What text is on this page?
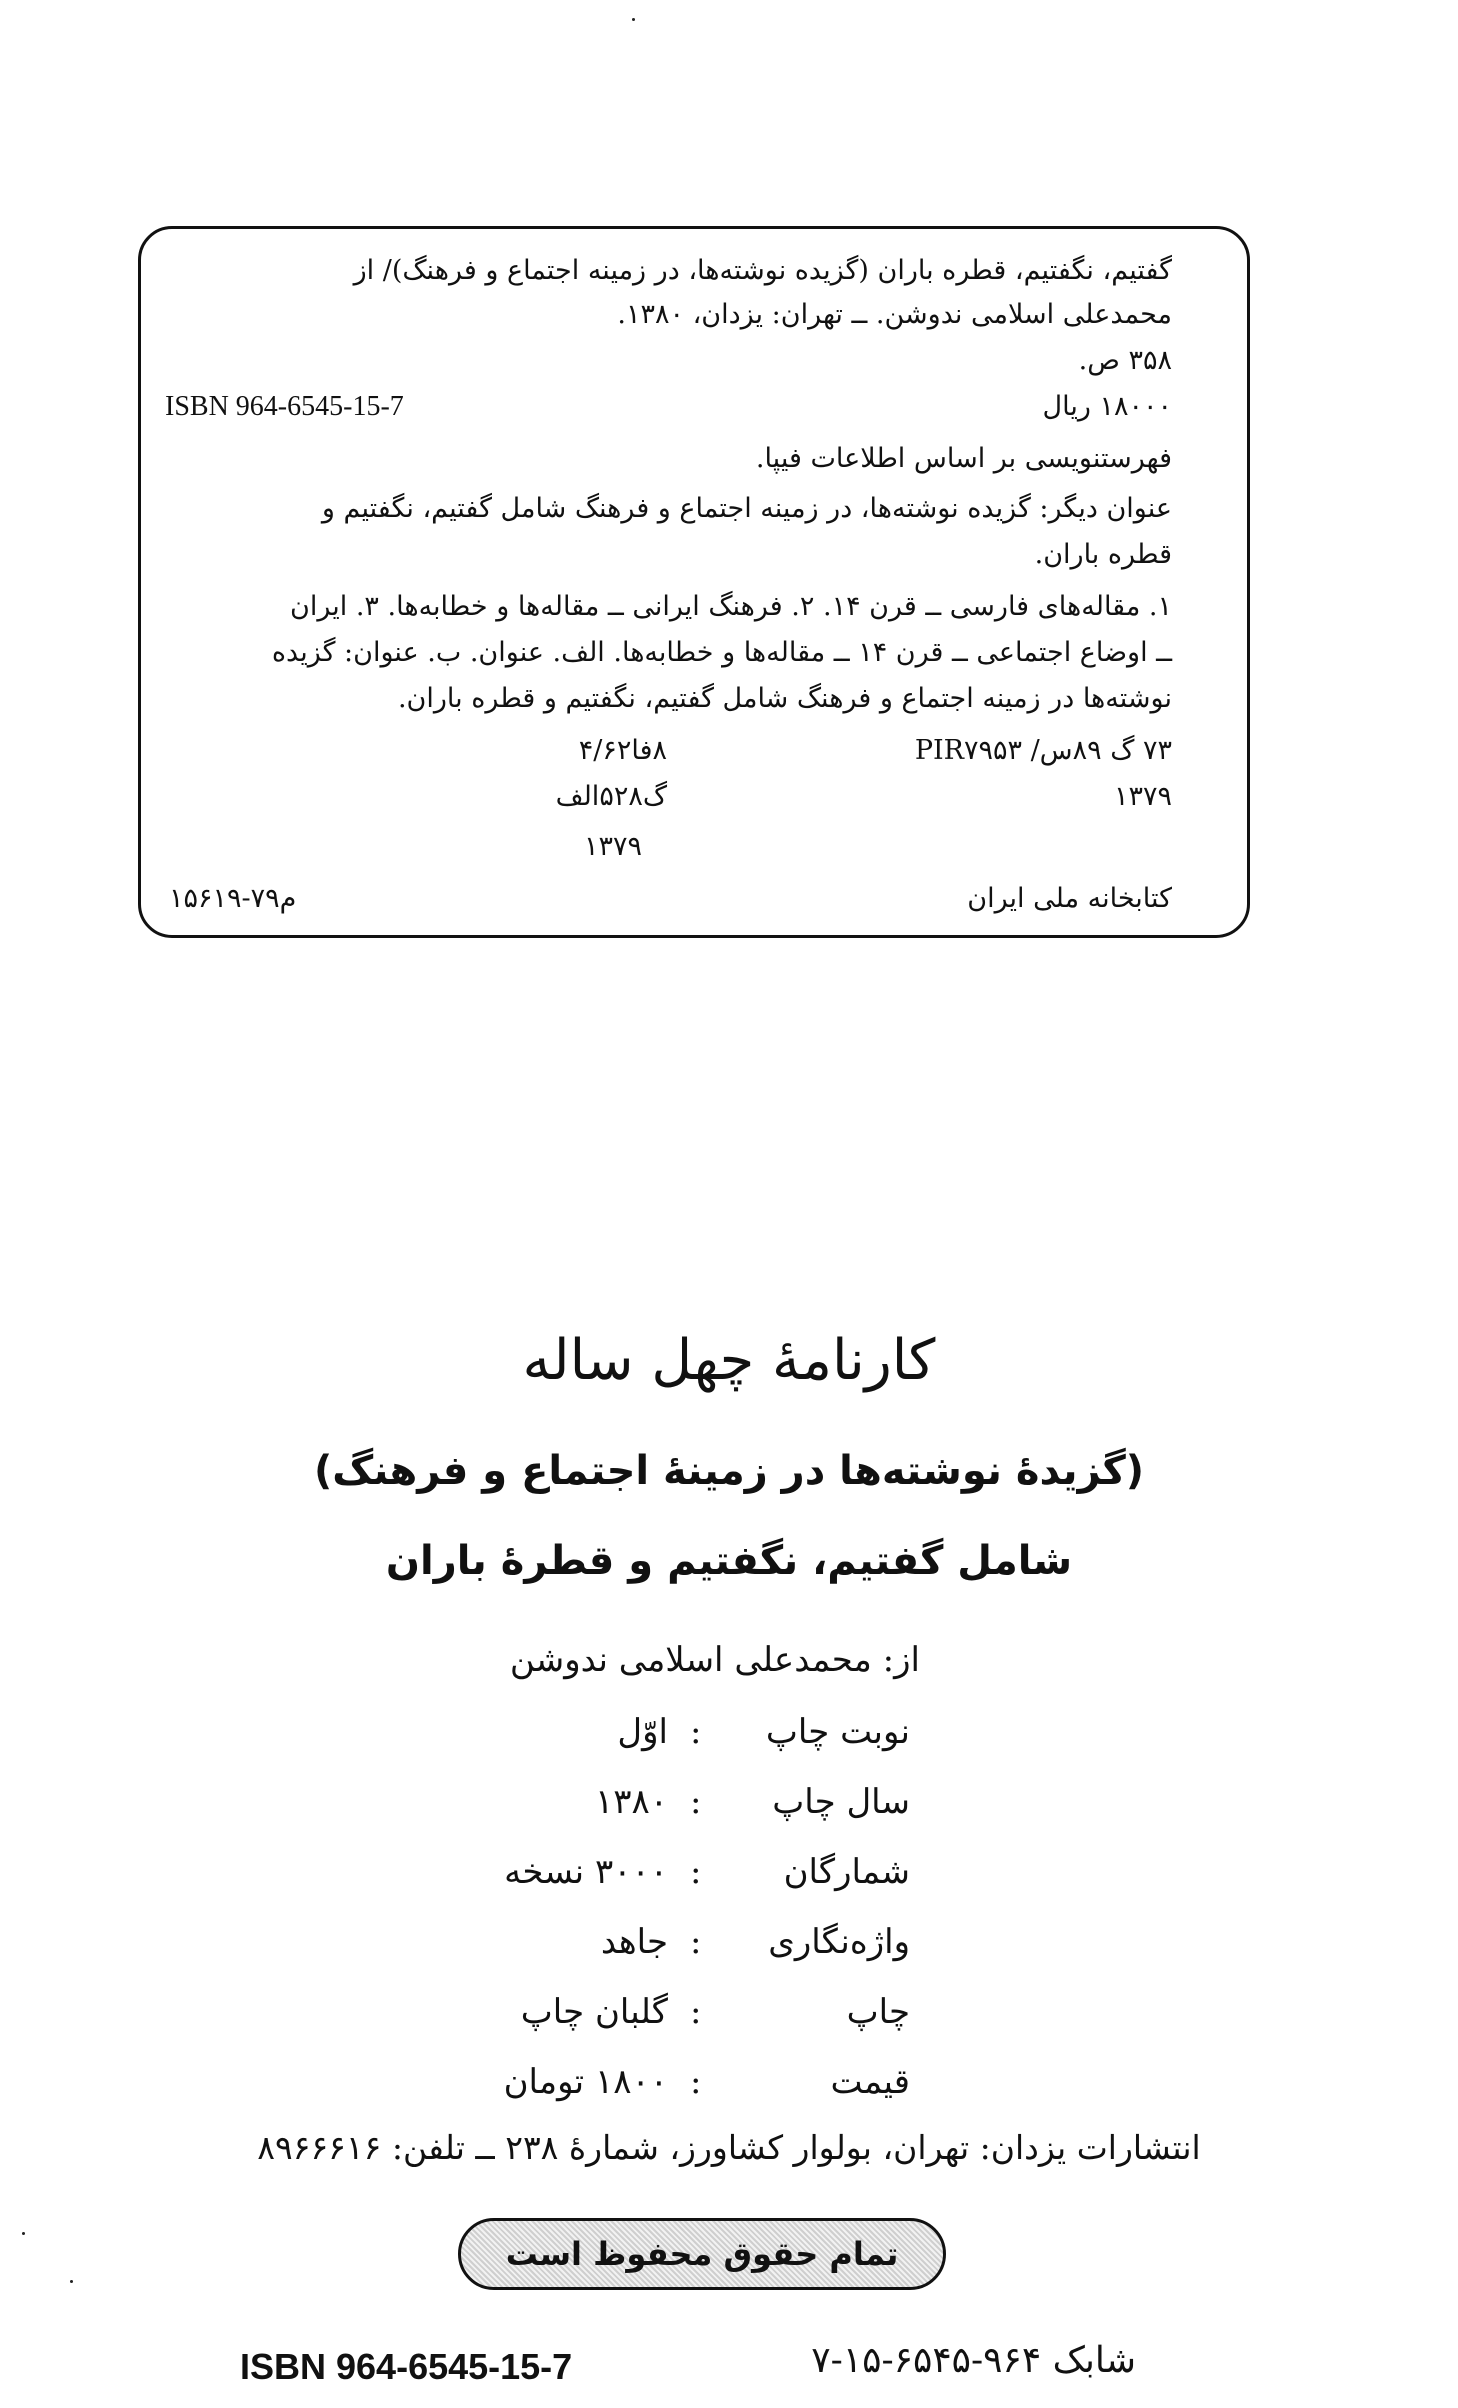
گفتیم، نگفتیم، قطره باران (گزیده نوشته‌ها، در زمینه اجتماع و فرهنگ)/ از
محمدعلی اسلامی ندوشن. ــ تهران: یزدان، ۱۳۸۰.
۳۵۸ ص.
۱۸۰۰۰ ریال
ISBN 964-6545-15-7
فهرستنویسی بر اساس اطلاعات فیپا.
عنوان دیگر: گزیده نوشته‌ها، در زمینه اجتماع و فرهنگ شامل گفتیم، نگفتیم و
قطره باران.
۱. مقاله‌های فارسی ــ قرن ۱۴. ۲. فرهنگ ایرانی ــ مقاله‌ها و خطابه‌ها. ۳. ایران
ــ اوضاع اجتماعی ــ قرن ۱۴ ــ مقاله‌ها و خطابه‌ها. الف. عنوان. ب. عنوان: گزیده
نوشته‌ها در زمینه اجتماع و فرهنگ شامل گفتیم، نگفتیم و قطره باران.
۷۳ گ ۸۹س/ PIR۷۹۵۳
۱۳۷۹
۸فا۴/۶۲
گ۵۲۸الف
۱۳۷۹
کتابخانه ملی ایران
م۷۹-۱۵۶۱۹
کارنامهٔ چهل ساله
(گزیدهٔ نوشته‌ها در زمینهٔ اجتماع و فرهنگ)
شامل گفتیم، نگفتیم و قطرهٔ باران
از: محمدعلی اسلامی ندوشن
نوبت چاپ
:
اوّل
سال چاپ
:
۱۳۸۰
شمارگان
:
۳۰۰۰ نسخه
واژه‌نگاری
:
جاهد
چاپ
:
گلبان چاپ
قیمت
:
۱۸۰۰ تومان
انتشارات یزدان: تهران، بولوار کشاورز، شمارهٔ ۲۳۸ ــ تلفن: ۸۹۶۶۶۱۶
تمام حقوق محفوظ است
ISBN 964-6545-15-7	شابک ۹۶۴-۶۵۴۵-۱۵-۷
